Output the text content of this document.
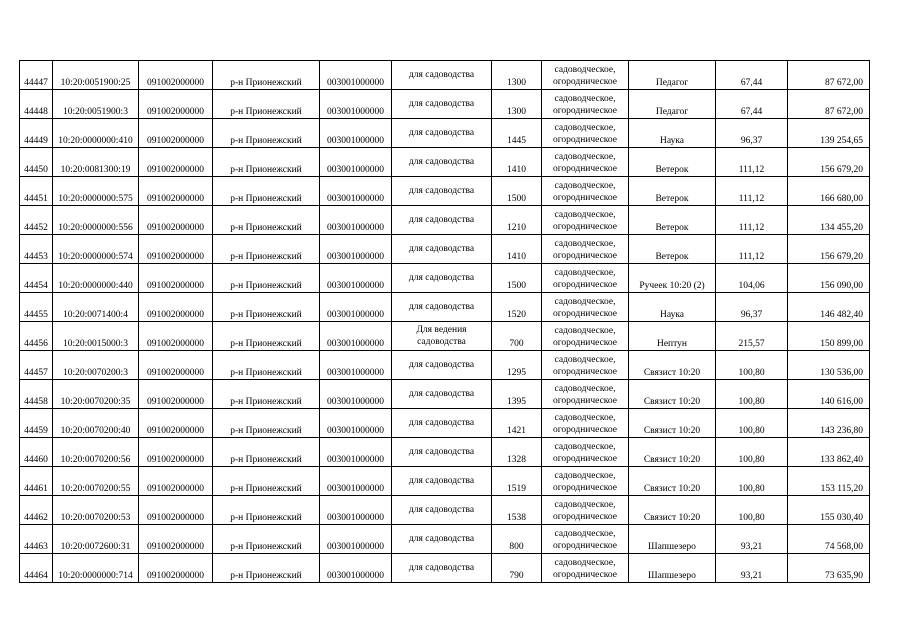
44447	10:20:0051900:25	091002000000	р-н Прионежский	003001000000	для садоводства	1300	садоводческое, огородническое	Педагог	67,44	87 672,00
44448	10:20:0051900:3	091002000000	р-н Прионежский	003001000000	для садоводства	1300	садоводческое, огородническое	Педагог	67,44	87 672,00
44449	10:20:0000000:410	091002000000	р-н Прионежский	003001000000	для садоводства	1445	садоводческое, огородническое	Наука	96,37	139 254,65
44450	10:20:0081300:19	091002000000	р-н Прионежский	003001000000	для садоводства	1410	садоводческое, огородническое	Ветерок	111,12	156 679,20
44451	10:20:0000000:575	091002000000	р-н Прионежский	003001000000	для садоводства	1500	садоводческое, огородническое	Ветерок	111,12	166 680,00
44452	10:20:0000000:556	091002000000	р-н Прионежский	003001000000	для садоводства	1210	садоводческое, огородническое	Ветерок	111,12	134 455,20
44453	10:20:0000000:574	091002000000	р-н Прионежский	003001000000	для садоводства	1410	садоводческое, огородническое	Ветерок	111,12	156 679,20
44454	10:20:0000000:440	091002000000	р-н Прионежский	003001000000	для садоводства	1500	садоводческое, огородническое	Ручеек 10:20 (2)	104,06	156 090,00
44455	10:20:0071400:4	091002000000	р-н Прионежский	003001000000	для садоводства	1520	садоводческое, огородническое	Наука	96,37	146 482,40
44456	10:20:0015000:3	091002000000	р-н Прионежский	003001000000	Для ведения садоводства	700	садоводческое, огородническое	Нептун	215,57	150 899,00
44457	10:20:0070200:3	091002000000	р-н Прионежский	003001000000	для садоводства	1295	садоводческое, огородническое	Связист 10:20	100,80	130 536,00
44458	10:20:0070200:35	091002000000	р-н Прионежский	003001000000	для садоводства	1395	садоводческое, огородническое	Связист 10:20	100,80	140 616,00
44459	10:20:0070200:40	091002000000	р-н Прионежский	003001000000	для садоводства	1421	садоводческое, огородническое	Связист 10:20	100,80	143 236,80
44460	10:20:0070200:56	091002000000	р-н Прионежский	003001000000	для садоводства	1328	садоводческое, огородническое	Связист 10:20	100,80	133 862,40
44461	10:20:0070200:55	091002000000	р-н Прионежский	003001000000	для садоводства	1519	садоводческое, огородническое	Связист 10:20	100,80	153 115,20
44462	10:20:0070200:53	091002000000	р-н Прионежский	003001000000	для садоводства	1538	садоводческое, огородническое	Связист 10:20	100,80	155 030,40
44463	10:20:0072600:31	091002000000	р-н Прионежский	003001000000	для садоводства	800	садоводческое, огородническое	Шапшезеро	93,21	74 568,00
44464	10:20:0000000:714	091002000000	р-н Прионежский	003001000000	для садоводства	790	садоводческое, огородническое	Шапшезеро	93,21	73 635,90
